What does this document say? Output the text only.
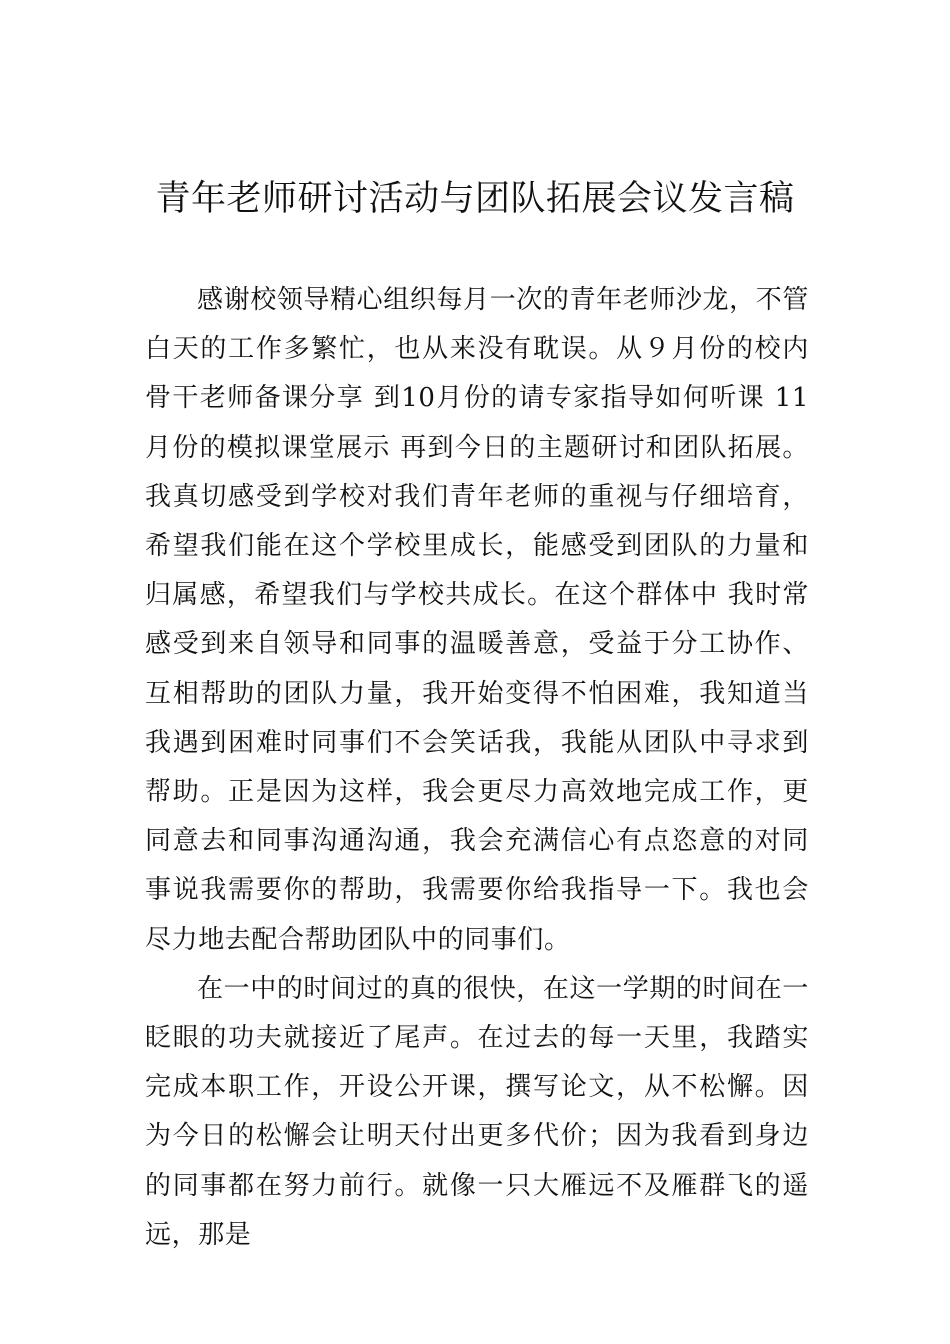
青年老师研讨活动与团队拓展会议发言稿

感谢校领导精心组织每月一次的青年老师沙龙，不管白天的工作多繁忙，也从来没有耽误。从９月份的校内骨干老师备课分享 到10月份的请专家指导如何听课 11月份的模拟课堂展示 再到今日的主题研讨和团队拓展。我真切感受到学校对我们青年老师的重视与仔细培育，希望我们能在这个学校里成长，能感受到团队的力量和归属感，希望我们与学校共成长。在这个群体中 我时常感受到来自领导和同事的温暖善意，受益于分工协作、互相帮助的团队力量，我开始变得不怕困难，我知道当我遇到困难时同事们不会笑话我，我能从团队中寻求到帮助。正是因为这样，我会更尽力高效地完成工作，更同意去和同事沟通沟通，我会充满信心有点恣意的对同事说我需要你的帮助，我需要你给我指导一下。我也会尽力地去配合帮助团队中的同事们。

在一中的时间过的真的很快，在这一学期的时间在一眨眼的功夫就接近了尾声。在过去的每一天里，我踏实完成本职工作，开设公开课，撰写论文，从不松懈。因为今日的松懈会让明天付出更多代价；因为我看到身边的同事都在努力前行。就像一只大雁远不及雁群飞的遥远，那是
